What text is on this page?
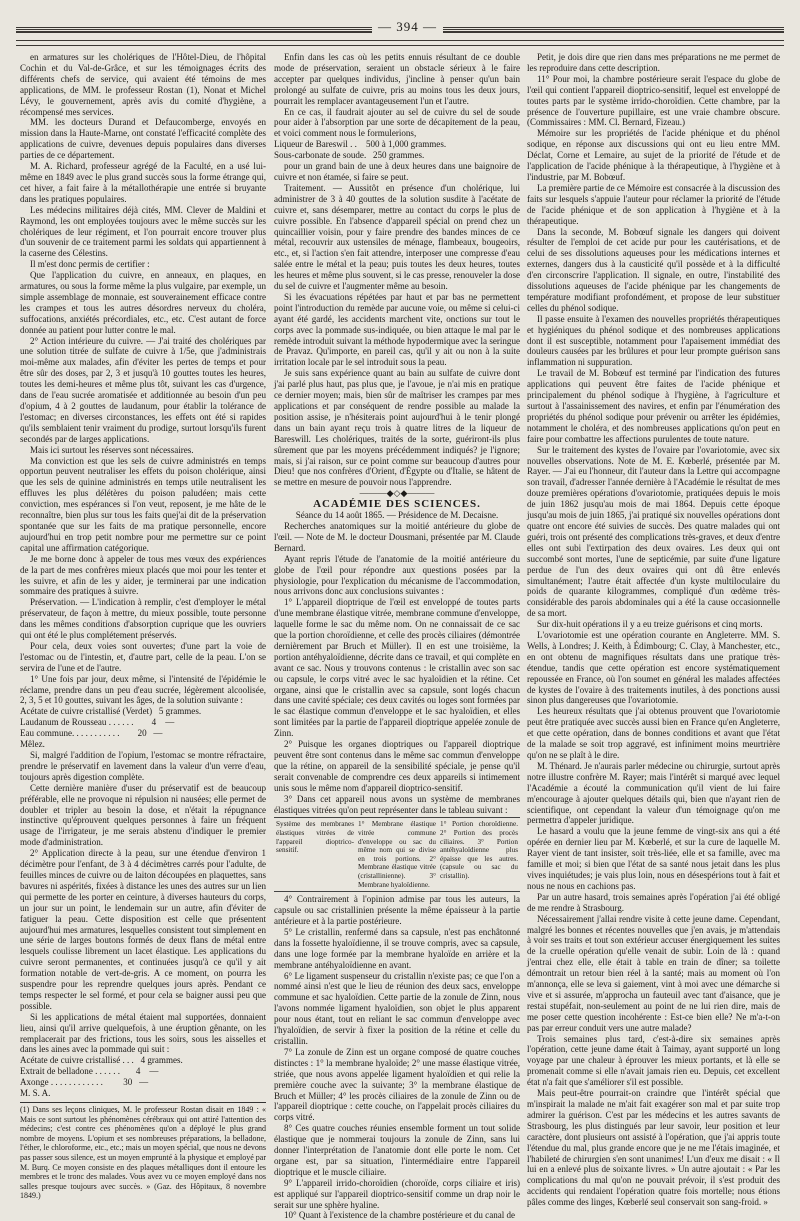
— 394 —

en armatures sur les cholériques de l'Hôtel-Dieu, de l'hôpital Cochin et du Val-de-Grâce, et sur les témoignages écrits des différents chefs de service, qui avaient été témoins de mes applications, de MM. le professeur Rostan (1), Nonat et Michel Lévy, le gouvernement, après avis du comité d'hygiène, a récompensé mes services.

MM. les docteurs Durand et Defaucomberge, envoyés en mission dans la Haute-Marne, ont constaté l'efficacité complète des applications de cuivre, devenues depuis populaires dans diverses parties de ce département.

M. A. Richard, professeur agrégé de la Faculté, en a usé lui-même en 1849 avec le plus grand succès sous la forme étrange qui, cet hiver, a fait faire à la métallothérapie une entrée si bruyante dans les pratiques populaires.

Les médecins militaires déjà cités, MM. Clever de Maldini et Raymond, les ont employées toujours avec le même succès sur les cholériques de leur régiment, et l'on pourrait encore trouver plus d'un souvenir de ce traitement parmi les soldats qui appartiennent à la caserne des Célestins.

Il m'est donc permis de certifier :

Que l'application du cuivre, en anneaux, en plaques, en armatures, ou sous la forme même la plus vulgaire, par exemple, un simple assemblage de monnaie, est souverainement efficace contre les crampes et tous les autres désordres nerveux du choléra, suffocations, anxiétés précordiales, etc., etc. C'est autant de force donnée au patient pour lutter contre le mal.

2° Action intérieure du cuivre. — J'ai traité des cholériques par une solution titrée de sulfate de cuivre à 1/5e, que j'administrais moi-même aux malades, afin d'éviter les pertes de temps et pour être sûr des doses, par 2, 3 et jusqu'à 10 gouttes toutes les heures, toutes les demi-heures et même plus tôt, suivant les cas d'urgence, dans de l'eau sucrée aromatisée et additionnée au besoin d'un peu d'opium, 4 à 2 gouttes de laudanum, pour établir la tolérance de l'estomac; en diverses circonstances, les effets ont été si rapides qu'ils semblaient tenir vraiment du prodige, surtout lorsqu'ils furent secondés par de larges applications.

Mais ici surtout les réserves sont nécessaires.

Ma conviction est que les sels de cuivre administrés en temps opportun peuvent neutraliser les effets du poison cholérique, ainsi que les sels de quinine administrés en temps utile neutralisent les effluves les plus délétères du poison paludéen; mais cette conviction, mes espérances si l'on veut, reposent, je me hâte de le reconnaître, bien plus sur tous les faits quej'ai dit de la préservation spontanée que sur les faits de ma pratique personnelle, encore aujourd'hui en trop petit nombre pour me permettre sur ce point capital une affirmation catégorique.

Je me borne donc à appeler de tous mes vœux des expériences de la part de mes confrères mieux placés que moi pour les tenter et les suivre, et afin de les y aider, je terminerai par une indication sommaire des pratiques à suivre.

Préservation. — L'indication à remplir, c'est d'employer le métal préservateur, de façon à mettre, du mieux possible, toute personne dans les mêmes conditions d'absorption cuprique que les ouvriers qui ont été le plus complétement préservés.

Pour cela, deux voies sont ouvertes; d'une part la voie de l'estomac ou de l'intestin, et, d'autre part, celle de la peau. L'on se servira de l'une et de l'autre.

1° Une fois par jour, deux même, si l'intensité de l'épidémie le réclame, prendre dans un peu d'eau sucrée, légèrement alcoolisée, 2, 3, 5 et 10 gouttes, suivant les âges, de la solution suivante :

Acétate de cuivre cristallisé (Verdet)   5 grammes.

Laudanum de Rousseau . . . . . .        4    —

Eau commune. . . . . . . . . . .        20   —

Mêlez.

Si, malgré l'addition de l'opium, l'estomac se montre réfractaire, prendre le préservatif en lavement dans la valeur d'un verre d'eau, toujours après digestion complète.

Cette dernière manière d'user du préservatif est de beaucoup préférable, elle ne provoque ni répulsion ni nausées; elle permet de doubler et tripler au besoin la dose, et n'était la répugnance instinctive qu'éprouvent quelques personnes à faire un fréquent usage de l'irrigateur, je me serais abstenu d'indiquer le premier mode d'administration.

2° Application directe à la peau, sur une étendue d'environ 1 décimètre pour l'enfant, de 3 à 4 décimètres carrés pour l'adulte, de feuilles minces de cuivre ou de laiton découpées en plaquettes, sans bavures ni aspérités, fixées à distance les unes des autres sur un lien qui permette de les porter en ceinture, à diverses hauteurs du corps, un jour sur un point, le lendemain sur un autre, afin d'éviter de fatiguer la peau. Cette disposition est celle que présentent aujourd'hui mes armatures, lesquelles consistent tout simplement en une série de larges boutons formés de deux flans de métal entre lesquels coulisse librement un lacet élastique. Les applications du cuivre seront permanentes, et continuées jusqu'à ce qu'il y ait formation notable de vert-de-gris. A ce moment, on pourra les suspendre pour les reprendre quelques jours après. Pendant ce temps respecter le sel formé, et pour cela se baigner aussi peu que possible.

Si les applications de métal étaient mal supportées, donnaient lieu, ainsi qu'il arrive quelquefois, à une éruption gênante, on les remplacerait par des frictions, tous les soirs, sous les aisselles et dans les aines avec la pommade qui suit :

Acétate de cuivre cristallisé . . .   4 grammes.

Extrait de belladone . . . . . .       4    —

Axonge . . . . . . . . . . . .         30   —

M. S. A.

(1) Dans ses leçons cliniques, M. le professeur Rostan disait en 1849 : « Mais ce sont surtout les phénomènes cérébraux qui ont attiré l'attention des médecins; c'est contre ces phénomènes qu'on a déployé le plus grand nombre de moyens. L'opium et ses nombreuses préparations, la belladone, l'éther, le chloroforme, etc., etc.; mais un moyen spécial, que nous ne devons pas passer sous silence, est un moyen emprunté à la physique et employé par M. Burq. Ce moyen consiste en des plaques métalliques dont il entoure les membres et le tronc des malades. Vous avez vu ce moyen employé dans nos salles presque toujours avec succès. » (Gaz. des Hôpitaux, 8 novembre 1849.)

Enfin dans les cas où les petits ennuis résultant de ce double mode de préservation, seraient un obstacle sérieux à le faire accepter par quelques individus, j'incline à penser qu'un bain prolongé au sulfate de cuivre, pris au moins tous les deux jours, pourrait les remplacer avantageusement l'un et l'autre.

En ce cas, il faudrait ajouter au sel de cuivre du sel de soude pour aider à l'absorption par une sorte de décapitement de la peau, et voici comment nous le formulerions,

Liqueur de Bareswil . .    500 à 1,000 grammes.

Sous-carbonate de soude.   250 grammes.

pour un grand bain de une à deux heures dans une baignoire de cuivre et non étamée, si faire se peut.

Traitement. — Aussitôt en présence d'un cholérique, lui administrer de 3 à 40 gouttes de la solution susdite à l'acétate de cuivre et, sans désemparer, mettre au contact du corps le plus de cuivre possible. En l'absence d'appareil spécial on prend chez un quincaillier voisin, pour y faire prendre des bandes minces de ce métal, recouvrir aux ustensiles de ménage, flambeaux, bougeoirs, etc., et, si l'action s'en fait attendre, interposer une compresse d'eau salée entre le métal et la peau; puis toutes les deux heures, toutes les heures et même plus souvent, si le cas presse, renouveler la dose du sel de cuivre et l'augmenter même au besoin.

Si les évacuations répétées par haut et par bas ne permettent point l'introduction du remède par aucune voie, ou même si celui-ci ayant été gardé, les accidents marchent vite, onctions sur tout le corps avec la pommade sus-indiquée, ou bien attaque le mal par le remède introduit suivant la méthode hypodermique avec la seringue de Pravaz. Qu'importe, en pareil cas, qu'il y ait ou non à la suite irritation locale par le sel introduit sous la peau.

Je suis sans expérience quant au bain au sulfate de cuivre dont j'ai parlé plus haut, pas plus que, je l'avoue, je n'ai mis en pratique ce dernier moyen; mais, bien sûr de maîtriser les crampes par mes applications et par conséquent de rendre possible au malade la position assise, je n'hésiterais point aujourd'hui à le tenir plongé dans un bain ayant reçu trois à quatre litres de la liqueur de Bareswill. Les cholériques, traités de la sorte, guériront-ils plus sûrement que par les moyens précédemment indiqués? je l'ignore; mais, si j'ai raison, sur ce point comme sur beaucoup d'autres pour Dieu! que nos confrères d'Orient, d'Égypte ou d'Italie, se hâtent de se mettre en mesure de pouvoir nous l'apprendre.

———◆◇◆———

ACADÉMIE DES SCIENCES.

Séance du 14 août 1865. — Présidence de M. Decaisne.

Recherches anatomiques sur la moitié antérieure du globe de l'œil. — Note de M. le docteur Dousmani, présentée par M. Claude Bernard.

Ayant repris l'étude de l'anatomie de la moitié antérieure du globe de l'œil pour répondre aux questions posées par la physiologie, pour l'explication du mécanisme de l'accommodation, nous arrivons donc aux conclusions suivantes :

1° L'appareil dioptrique de l'œil est enveloppé de toutes parts d'une membrane élastique vitrée, membrane commune d'enveloppe, laquelle forme le sac du même nom. On ne connaissait de ce sac que la portion choroïdienne, et celle des procès ciliaires (démontrée dernièrement par Bruch et Müller). Il en est une troisième, la portion antéhyaloïdienne, décrite dans ce travail, et qui complète en avant ce sac. Nous y trouvons contenus : le cristallin avec son sac ou capsule, le corps vitré avec le sac hyaloïdien et la rétine. Cet organe, ainsi que le cristallin avec sa capsule, sont logés chacun dans une cavité spéciale; ces deux cavités ou loges sont formées par le sac élastique commun d'enveloppe et le sac hyaloïdien, et elles sont limitées par la partie de l'appareil dioptrique appelée zonule de Zinn.

2° Puisque les organes dioptriques ou l'appareil dioptrique peuvent être sont contenus dans le même sac commun d'enveloppe que la rétine, on appareil de la sensibilité spéciale, je pense qu'il serait convenable de comprendre ces deux appareils si intimement unis sous le même nom d'appareil dioptrico-sensitif.

3° Dans cet appareil nous avons un système de membranes élastiques vitrées qu'on peut représenter dans le tableau suivant :

Système des membranes élastiques vitrées de l'appareil dioptrico-sensitif.
1° Membrane élastique vitrée commune d'enveloppe ou sac du même nom qui se divise en trois portions. 2° Membrane élastique vitrée (cristallinienne). 3° Membrane hyaloïdienne.
1° Portion choroïdienne. 2° Portion des procès ciliaires. 3° Portion antéhyaloïdienne plus épaisse que les autres. (capsule ou sac du cristallin).

4° Contrairement à l'opinion admise par tous les auteurs, la capsule ou sac cristallinien présente la même épaisseur à la partie antérieure et à la partie postérieure.

5° Le cristallin, renfermé dans sa capsule, n'est pas enchâtonné dans la fossette hyaloïdienne, il se trouve compris, avec sa capsule, dans une loge formée par la membrane hyaloïde en arrière et la membrane antéhyaloïdienne en avant.

6° Le ligament suspenseur du cristallin n'existe pas; ce que l'on a nommé ainsi n'est que le lieu de réunion des deux sacs, enveloppe commune et sac hyaloïdien. Cette partie de la zonule de Zinn, nous l'avons nommée ligament hyaloïdien, son objet le plus apparent pour nous étant, tout en reliant le sac commun d'enveloppe avec l'hyaloïdien, de servir à fixer la position de la rétine et celle du cristallin.

7° La zonule de Zinn est un organe composé de quatre couches distinctes : 1° la membrane hyaloïde; 2° une masse élastique vitrée, striée, que nous avons appelée ligament hyaloïdien et qui relie la première couche avec la suivante; 3° la membrane élastique de Bruch et Müller; 4° les procès ciliaires de la zonule de Zinn ou de l'appareil dioptrique : cette couche, on l'appelait procès ciliaires du corps vitré.

8° Ces quatre couches réunies ensemble forment un tout solide élastique que je nommerai toujours la zonule de Zinn, sans lui donner l'interprétation de l'anatomie dont elle porte le nom. Cet organe est, par sa situation, l'intermédiaire entre l'appareil dioptrique et le muscle ciliaire.

9° L'appareil irrido-choroïdien (choroïde, corps ciliaire et iris) est appliqué sur l'appareil dioptrico-sensitif comme un drap noir le serait sur une sphère hyaline.

10° Quant à l'existence de la chambre postérieure et du canal de

Petit, je dois dire que rien dans mes préparations ne me permet de les reproduire dans cette description.

11° Pour moi, la chambre postérieure serait l'espace du globe de l'œil qui contient l'appareil dioptrico-sensitif, lequel est enveloppé de toutes parts par le système irrido-choroïdien. Cette chambre, par la présence de l'ouverture pupillaire, est une vraie chambre obscure. (Commissaires : MM. Cl. Bernard, Fizeau.)

Mémoire sur les propriétés de l'acide phénique et du phénol sodique, en réponse aux discussions qui ont eu lieu entre MM. Déclat, Corne et Lemaire, au sujet de la priorité de l'étude et de l'application de l'acide phénique à la thérapeutique, à l'hygiène et à l'industrie, par M. Bobœuf.

La première partie de ce Mémoire est consacrée à la discussion des faits sur lesquels s'appuie l'auteur pour réclamer la priorité de l'étude de l'acide phénique et de son application à l'hygiène et à la thérapeutique.

Dans la seconde, M. Bobœuf signale les dangers qui doivent résulter de l'emploi de cet acide pur pour les cautérisations, et de celui de ses dissolutions aqueuses pour les médications internes et externes, dangers dus à la causticité qu'il possède et à la difficulté d'en circonscrire l'application. Il signale, en outre, l'instabilité des dissolutions aqueuses de l'acide phénique par les changements de température modifiant profondément, et propose de leur substituer celles du phénol sodique.

Il passe ensuite à l'examen des nouvelles propriétés thérapeutiques et hygiéniques du phénol sodique et des nombreuses applications dont il est susceptible, notamment pour l'apaisement immédiat des douleurs causées par les brûlures et pour leur prompte guérison sans inflammation ni suppuration.

Le travail de M. Bobœuf est terminé par l'indication des futures applications qui peuvent être faites de l'acide phénique et principalement du phénol sodique à l'hygiène, à l'agriculture et surtout à l'assainissement des navires, et enfin par l'énumération des propriétés du phénol sodique pour prévenir ou arrêter les épidémies, notamment le choléra, et des nombreuses applications qu'on peut en faire pour combattre les affections purulentes de toute nature.

Sur le traitement des kystes de l'ovaire par l'ovariotomie, avec six nouvelles observations. Note de M. E. Kœberlé, présentée par M. Rayer. — J'ai eu l'honneur, dit l'auteur dans la Lettre qui accompagne son travail, d'adresser l'année dernière à l'Académie le résultat de mes douze premières opérations d'ovariotomie, pratiquées depuis le mois de juin 1862 jusqu'au mois de mai 1864. Depuis cette époque jusqu'au mois de juin 1865, j'ai pratiqué six nouvelles opérations dont quatre ont encore été suivies de succès. Des quatre malades qui ont guéri, trois ont présenté des complications très-graves, et deux d'entre elles ont subi l'extirpation des deux ovaires. Les deux qui ont succombé sont mortes, l'une de septicémie, par suite d'une ligature perdue de l'un des deux ovaires qui ont dû être enlevés simultanément; l'autre était affectée d'un kyste multiloculaire du poids de quarante kilogrammes, compliqué d'un œdème très-considérable des parois abdominales qui a été la cause occasionnelle de sa mort.

Sur dix-huit opérations il y a eu treize guérisons et cinq morts.

L'ovariotomie est une opération courante en Angleterre. MM. S. Wells, à Londres; J. Keith, à Édimbourg; C. Clay, à Manchester, etc., en ont obtenu de magnifiques résultats dans une pratique très-étendue, tandis que cette opération est encore systématiquement repoussée en France, où l'on soumet en général les malades affectées de kystes de l'ovaire à des traitements inutiles, à des ponctions aussi sinon plus dangereuses que l'ovariotomie.

Les heureux résultats que j'ai obtenus prouvent que l'ovariotomie peut être pratiquée avec succès aussi bien en France qu'en Angleterre, et que cette opération, dans de bonnes conditions et avant que l'état de la malade se soit trop aggravé, est infiniment moins meurtrière qu'on ne se plaît à le dire.

M. Thénard. Je n'aurais parler médecine ou chirurgie, surtout après notre illustre confrère M. Rayer; mais l'intérêt si marqué avec lequel l'Académie a écouté la communication qu'il vient de lui faire m'encourage à ajouter quelques détails qui, bien que n'ayant rien de scientifique, ont cependant la valeur d'un témoignage qu'on me permettra d'appeler juridique.

Le hasard a voulu que la jeune femme de vingt-six ans qui a été opérée en dernier lieu par M. Kœberlé, et sur la cure de laquelle M. Rayer vient de tant insister, soit très-liée, elle et sa famille, avec ma famille et moi; si bien que l'état de sa santé nous jetait dans les plus vives inquiétudes; je vais plus loin, nous en désespérions tout à fait et nous ne nous en cachions pas.

Par un autre hasard, trois semaines après l'opération j'ai été obligé de me rendre à Strasbourg.

Nécessairement j'allai rendre visite à cette jeune dame. Cependant, malgré les bonnes et récentes nouvelles que j'en avais, je m'attendais à voir ses traits et tout son extérieur accuser énergiquement les suites de la cruelle opération qu'elle venait de subir. Loin de là : quand j'entrai chez elle, elle était à table en train de dîner; sa toilette démontrait un retour bien réel à la santé; mais au moment où l'on m'annonça, elle se leva si gaiement, vint à moi avec une démarche si vive et si assurée, m'approcha un fauteuil avec tant d'aisance, que je restai stupéfait, non-seulement au point de ne lui rien dire, mais de me poser cette question incohérente : Est-ce bien elle? Ne m'a-t-on pas par erreur conduit vers une autre malade?

Trois semaines plus tard, c'est-à-dire six semaines après l'opération, cette jeune dame était à Taimay, ayant supporté un long voyage par une chaleur à éprouver les mieux portants, et là elle se promenait comme si elle n'avait jamais rien eu. Depuis, cet excellent état n'a fait que s'améliorer s'il est possible.

Mais peut-être pourrait-on craindre que l'intérêt spécial que m'inspirait la malade ne m'ait fait exagérer son mal et par suite trop admirer la guérison. C'est par les médecins et les autres savants de Strasbourg, les plus distingués par leur savoir, leur position et leur caractère, dont plusieurs ont assisté à l'opération, que j'ai appris toute l'étendue du mal, plus grande encore que je ne me l'étais imaginée, et l'habileté de chirurgien s'en sont unanimes! L'un d'eux me disait : « Il lui en a enlevé plus de soixante livres. » Un autre ajoutait : « Par les complications du mal qu'on ne pouvait prévoir, il s'est produit des accidents qui rendaient l'opération quatre fois mortelle; nous étions pâles comme des linges, Kœberlé seul conservait son sang-froid. »
